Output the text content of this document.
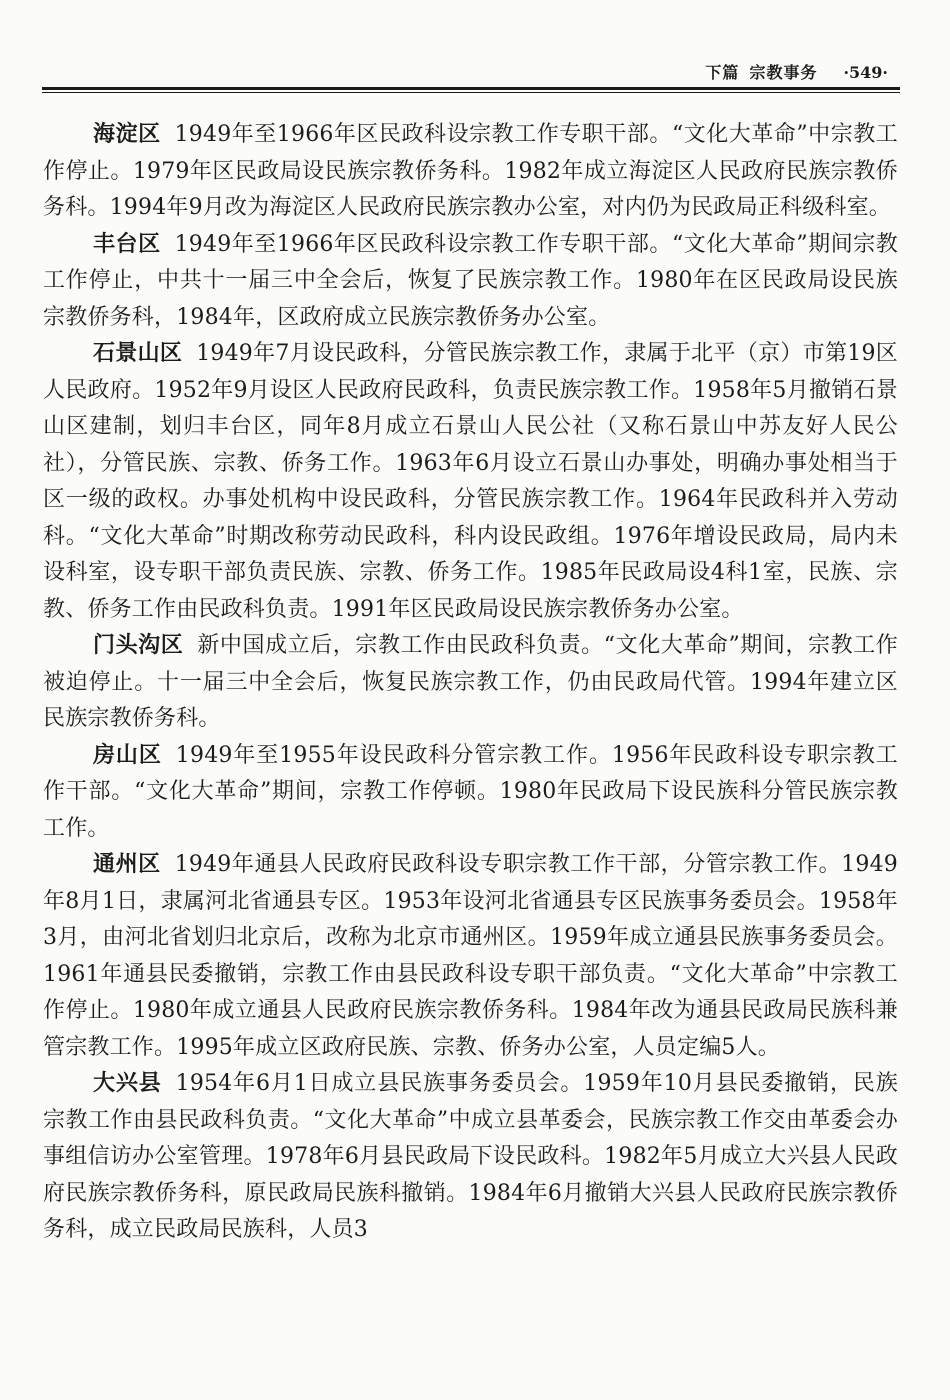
下篇 宗教事务 ·549·

海淀区 1949年至1966年区民政科设宗教工作专职干部。“文化大革命”中宗教工作停止。1979年区民政局设民族宗教侨务科。1982年成立海淀区人民政府民族宗教侨务科。1994年9月改为海淀区人民政府民族宗教办公室，对内仍为民政局正科级科室。

丰台区 1949年至1966年区民政科设宗教工作专职干部。“文化大革命”期间宗教工作停止，中共十一届三中全会后，恢复了民族宗教工作。1980年在区民政局设民族宗教侨务科，1984年，区政府成立民族宗教侨务办公室。

石景山区 1949年7月设民政科，分管民族宗教工作，隶属于北平（京）市第19区人民政府。1952年9月设区人民政府民政科，负责民族宗教工作。1958年5月撤销石景山区建制，划归丰台区，同年8月成立石景山人民公社（又称石景山中苏友好人民公社），分管民族、宗教、侨务工作。1963年6月设立石景山办事处，明确办事处相当于区一级的政权。办事处机构中设民政科，分管民族宗教工作。1964年民政科并入劳动科。“文化大革命”时期改称劳动民政科，科内设民政组。1976年增设民政局，局内未设科室，设专职干部负责民族、宗教、侨务工作。1985年民政局设4科1室，民族、宗教、侨务工作由民政科负责。1991年区民政局设民族宗教侨务办公室。

门头沟区 新中国成立后，宗教工作由民政科负责。“文化大革命”期间，宗教工作被迫停止。十一届三中全会后，恢复民族宗教工作，仍由民政局代管。1994年建立区民族宗教侨务科。

房山区 1949年至1955年设民政科分管宗教工作。1956年民政科设专职宗教工作干部。“文化大革命”期间，宗教工作停顿。1980年民政局下设民族科分管民族宗教工作。

通州区 1949年通县人民政府民政科设专职宗教工作干部，分管宗教工作。1949年8月1日，隶属河北省通县专区。1953年设河北省通县专区民族事务委员会。1958年3月，由河北省划归北京后，改称为北京市通州区。1959年成立通县民族事务委员会。1961年通县民委撤销，宗教工作由县民政科设专职干部负责。“文化大革命”中宗教工作停止。1980年成立通县人民政府民族宗教侨务科。1984年改为通县民政局民族科兼管宗教工作。1995年成立区政府民族、宗教、侨务办公室，人员定编5人。

大兴县 1954年6月1日成立县民族事务委员会。1959年10月县民委撤销，民族宗教工作由县民政科负责。“文化大革命”中成立县革委会，民族宗教工作交由革委会办事组信访办公室管理。1978年6月县民政局下设民政科。1982年5月成立大兴县人民政府民族宗教侨务科，原民政局民族科撤销。1984年6月撤销大兴县人民政府民族宗教侨务科，成立民政局民族科，人员3
